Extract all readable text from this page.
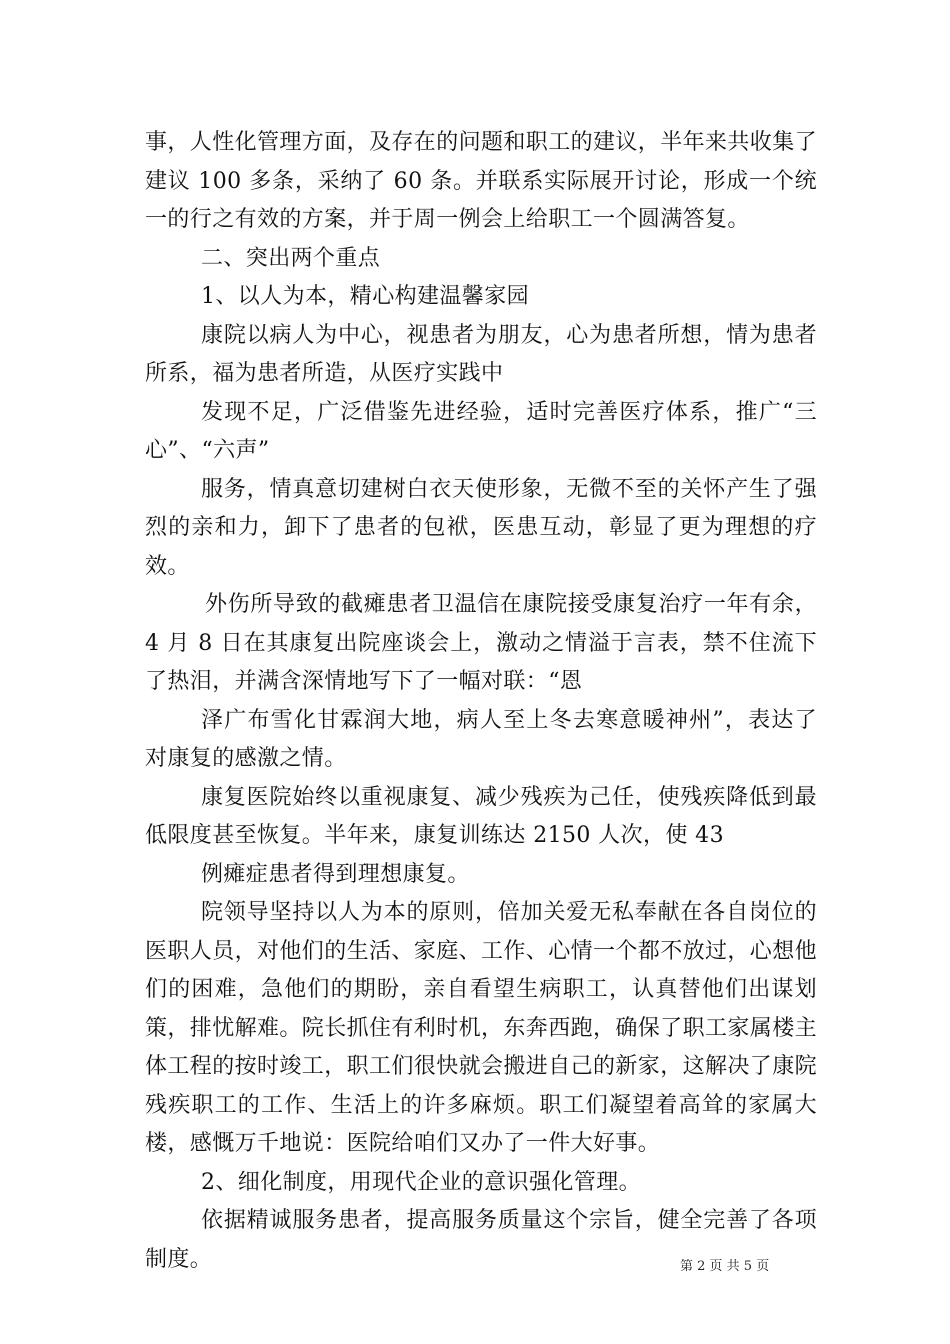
事，人性化管理方面，及存在的问题和职工的建议，半年来共收集了建议 100 多条，采纳了 60 条。并联系实际展开讨论，形成一个统一的行之有效的方案，并于周一例会上给职工一个圆满答复。

二、突出两个重点

1、以人为本，精心构建温馨家园

康院以病人为中心，视患者为朋友，心为患者所想，情为患者所系，福为患者所造，从医疗实践中

发现不足，广泛借鉴先进经验，适时完善医疗体系，推广“三心”、“六声”

服务，情真意切建树白衣天使形象，无微不至的关怀产生了强烈的亲和力，卸下了患者的包袱，医患互动，彰显了更为理想的疗效。

外伤所导致的截瘫患者卫温信在康院接受康复治疗一年有余，4 月 8 日在其康复出院座谈会上，激动之情溢于言表，禁不住流下了热泪，并满含深情地写下了一幅对联：“恩

泽广布雪化甘霖润大地，病人至上冬去寒意暖神州”，表达了对康复的感激之情。

康复医院始终以重视康复、减少残疾为己任，使残疾降低到最低限度甚至恢复。半年来，康复训练达 2150 人次，使 43

例瘫症患者得到理想康复。

院领导坚持以人为本的原则，倍加关爱无私奉献在各自岗位的医职人员，对他们的生活、家庭、工作、心情一个都不放过，心想他们的困难，急他们的期盼，亲自看望生病职工，认真替他们出谋划策，排忧解难。院长抓住有利时机，东奔西跑，确保了职工家属楼主体工程的按时竣工，职工们很快就会搬进自己的新家，这解决了康院残疾职工的工作、生活上的许多麻烦。职工们凝望着高耸的家属大楼，感慨万千地说：医院给咱们又办了一件大好事。

2、细化制度，用现代企业的意识强化管理。

依据精诚服务患者，提高服务质量这个宗旨，健全完善了各项制度。	第 2 页 共 5 页
